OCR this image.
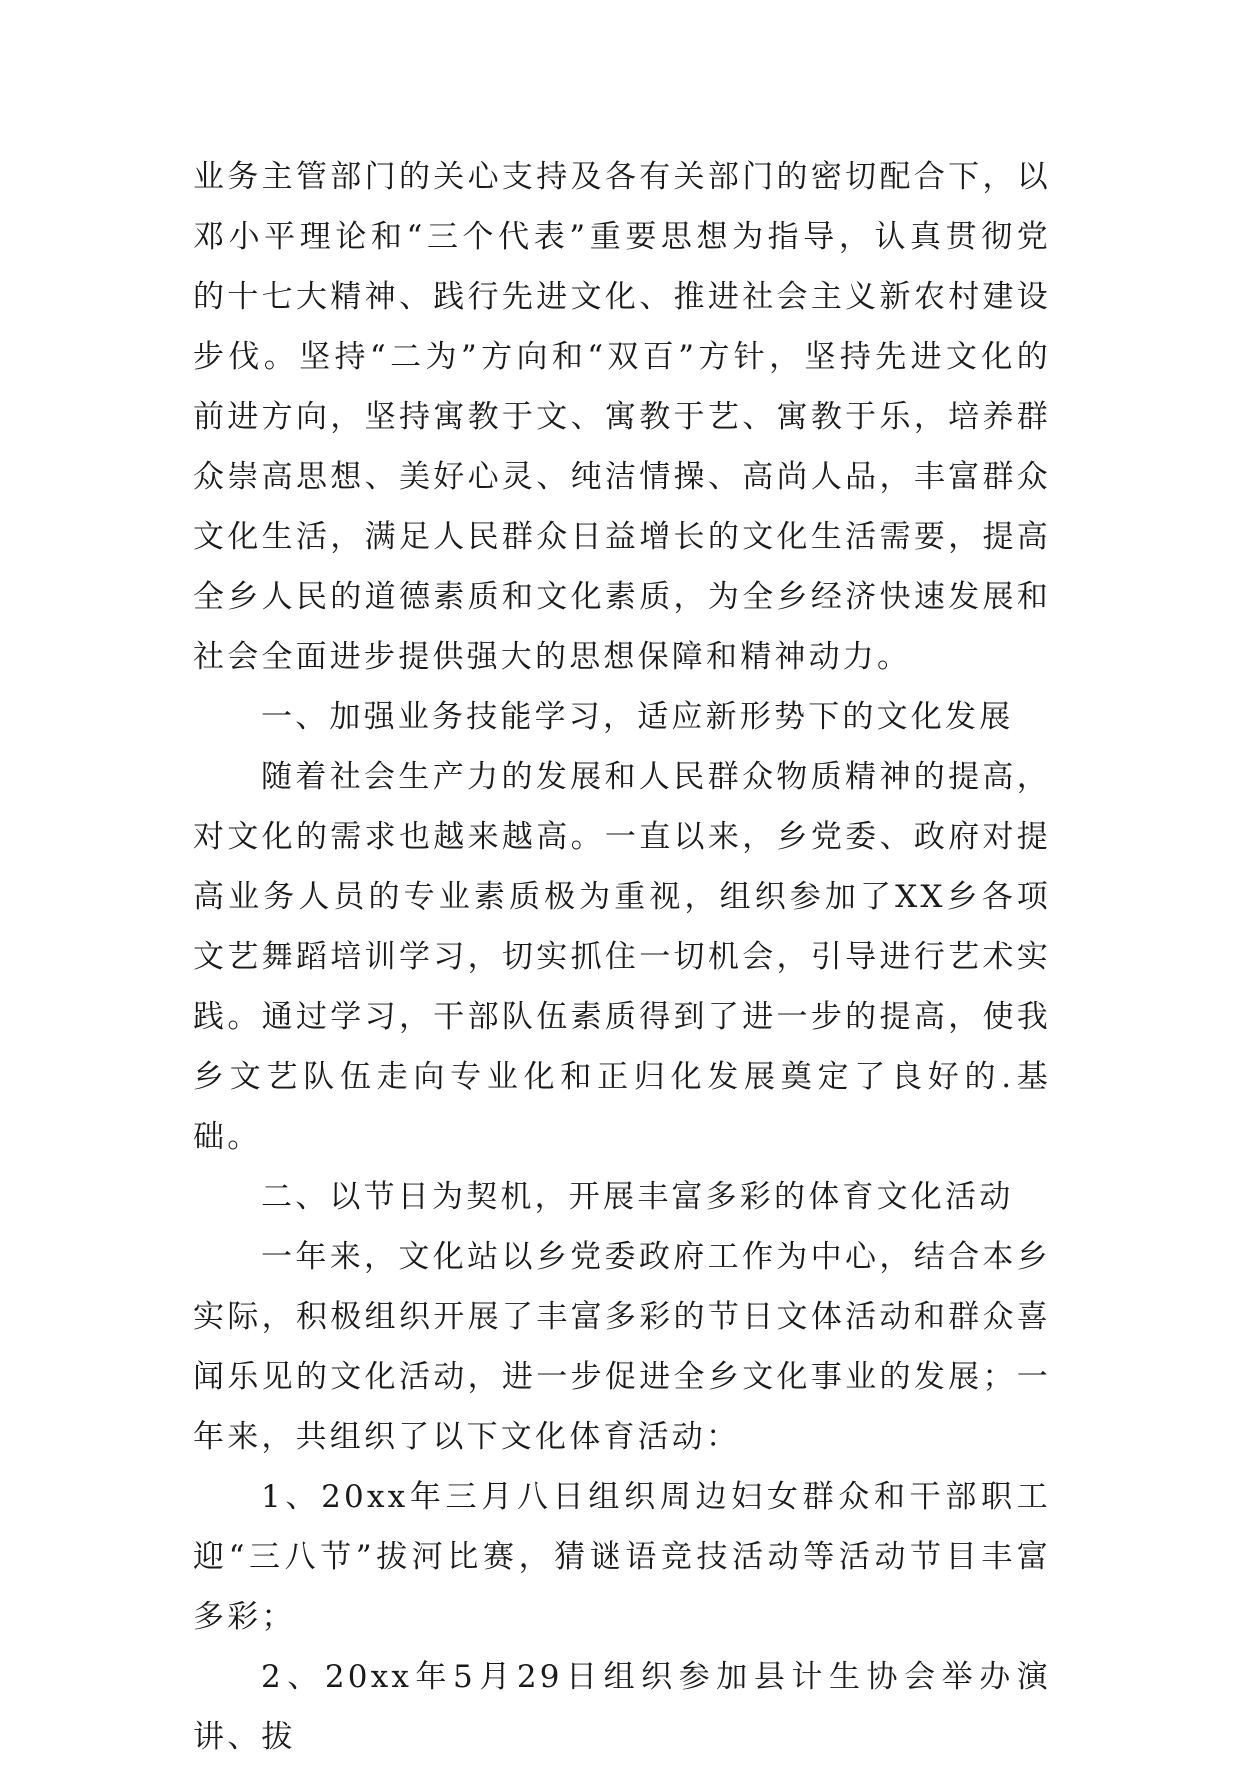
业务主管部门的关心支持及各有关部门的密切配合下，以邓小平理论和“三个代表”重要思想为指导，认真贯彻党的十七大精神、践行先进文化、推进社会主义新农村建设步伐。坚持“二为”方向和“双百”方针，坚持先进文化的前进方向，坚持寓教于文、寓教于艺、寓教于乐，培养群众崇高思想、美好心灵、纯洁情操、高尚人品，丰富群众文化生活，满足人民群众日益增长的文化生活需要，提高全乡人民的道德素质和文化素质，为全乡经济快速发展和社会全面进步提供强大的思想保障和精神动力。

一、加强业务技能学习，适应新形势下的文化发展

随着社会生产力的发展和人民群众物质精神的提高，对文化的需求也越来越高。一直以来，乡党委、政府对提高业务人员的专业素质极为重视，组织参加了XX乡各项文艺舞蹈培训学习，切实抓住一切机会，引导进行艺术实践。通过学习，干部队伍素质得到了进一步的提高，使我乡文艺队伍走向专业化和正归化发展奠定了良好的.基础。

二、以节日为契机，开展丰富多彩的体育文化活动

一年来，文化站以乡党委政府工作为中心，结合本乡实际，积极组织开展了丰富多彩的节日文体活动和群众喜闻乐见的文化活动，进一步促进全乡文化事业的发展；一年来，共组织了以下文化体育活动：

1、20xx年三月八日组织周边妇女群众和干部职工迎“三八节”拔河比赛，猜谜语竞技活动等活动节目丰富多彩；

2、20xx年5月29日组织参加县计生协会举办演讲、拔
